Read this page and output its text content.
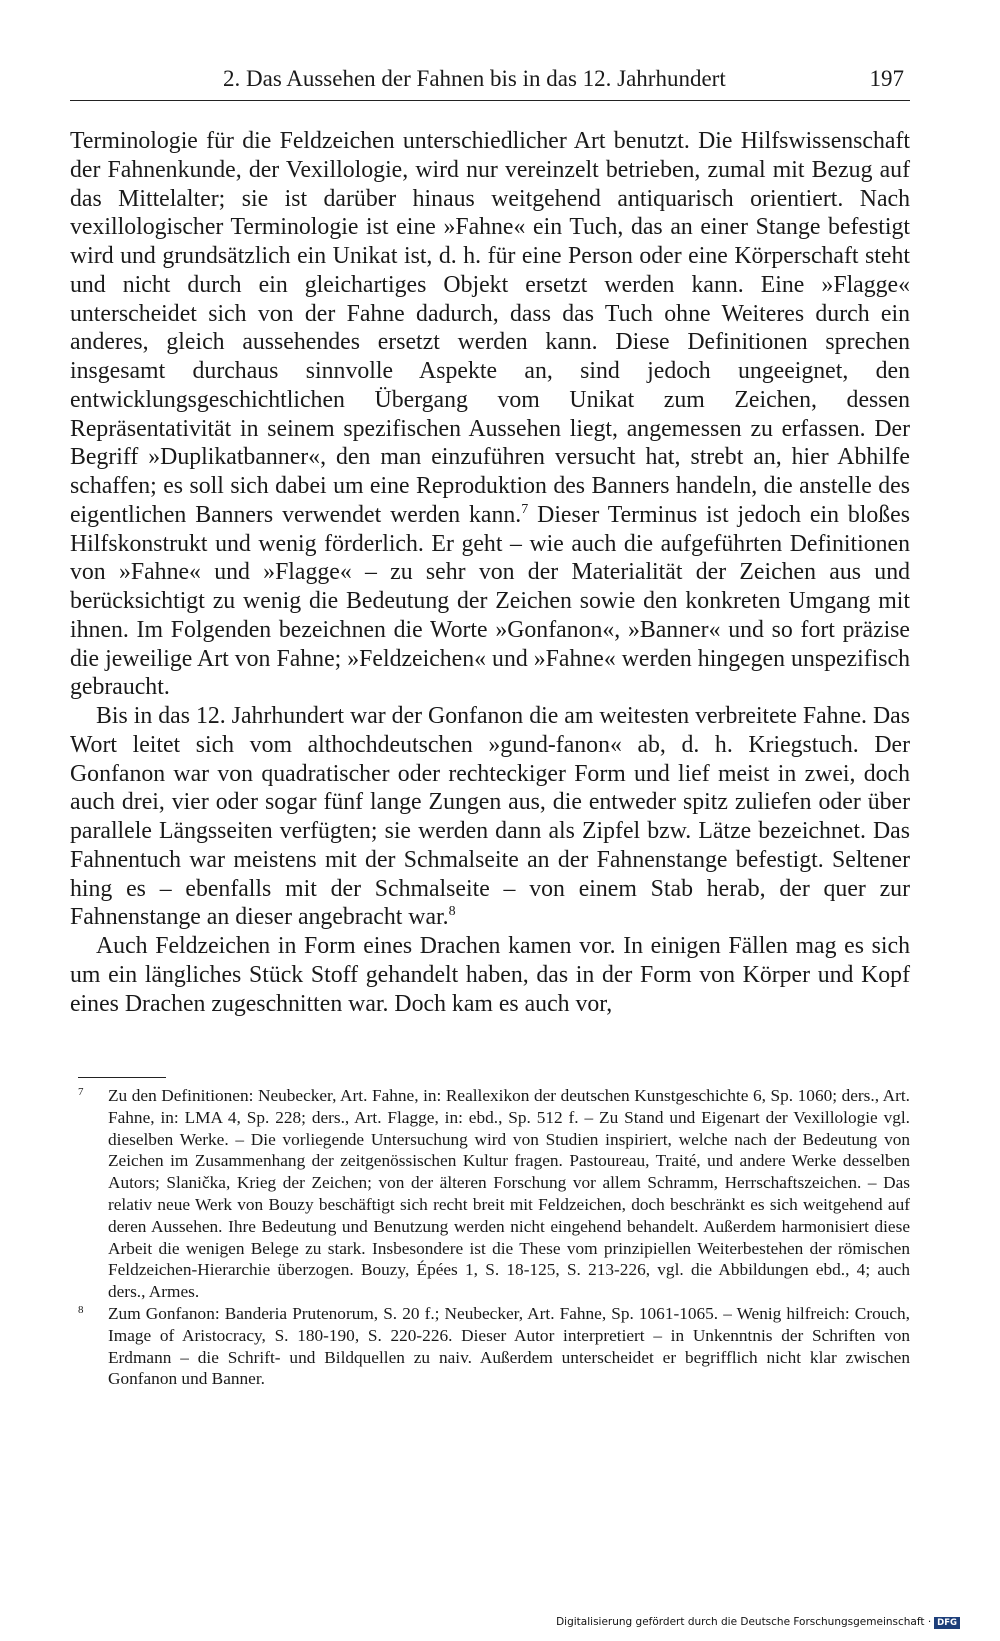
2. Das Aussehen der Fahnen bis in das 12. Jahrhundert	197

Terminologie für die Feldzeichen unterschiedlicher Art benutzt. Die Hilfswissenschaft der Fahnenkunde, der Vexillologie, wird nur vereinzelt betrieben, zumal mit Bezug auf das Mittelalter; sie ist darüber hinaus weitgehend antiquarisch orientiert. Nach vexillologischer Terminologie ist eine »Fahne« ein Tuch, das an einer Stange befestigt wird und grundsätzlich ein Unikat ist, d. h. für eine Person oder eine Körperschaft steht und nicht durch ein gleichartiges Objekt ersetzt werden kann. Eine »Flagge« unterscheidet sich von der Fahne dadurch, dass das Tuch ohne Weiteres durch ein anderes, gleich aussehendes ersetzt werden kann. Diese Definitionen sprechen insgesamt durchaus sinnvolle Aspekte an, sind jedoch ungeeignet, den entwicklungsgeschichtlichen Übergang vom Unikat zum Zeichen, dessen Repräsentativität in seinem spezifischen Aussehen liegt, angemessen zu erfassen. Der Begriff »Duplikatbanner«, den man einzuführen versucht hat, strebt an, hier Abhilfe schaffen; es soll sich dabei um eine Reproduktion des Banners handeln, die anstelle des eigentlichen Banners verwendet werden kann.$^7$ Dieser Terminus ist jedoch ein bloßes Hilfskonstrukt und wenig förderlich. Er geht – wie auch die aufgeführten Definitionen von »Fahne« und »Flagge« – zu sehr von der Materialität der Zeichen aus und berücksichtigt zu wenig die Bedeutung der Zeichen sowie den konkreten Umgang mit ihnen. Im Folgenden bezeichnen die Worte »Gonfanon«, »Banner« und so fort präzise die jeweilige Art von Fahne; »Feldzeichen« und »Fahne« werden hingegen unspezifisch gebraucht.

Bis in das 12. Jahrhundert war der Gonfanon die am weitesten verbreitete Fahne. Das Wort leitet sich vom althochdeutschen »gund-fanon« ab, d. h. Kriegstuch. Der Gonfanon war von quadratischer oder rechteckiger Form und lief meist in zwei, doch auch drei, vier oder sogar fünf lange Zungen aus, die entweder spitz zuliefen oder über parallele Längsseiten verfügten; sie werden dann als Zipfel bzw. Lätze bezeichnet. Das Fahnentuch war meistens mit der Schmalseite an der Fahnenstange befestigt. Seltener hing es – ebenfalls mit der Schmalseite – von einem Stab herab, der quer zur Fahnenstange an dieser angebracht war.$^8$

Auch Feldzeichen in Form eines Drachen kamen vor. In einigen Fällen mag es sich um ein längliches Stück Stoff gehandelt haben, das in der Form von Körper und Kopf eines Drachen zugeschnitten war. Doch kam es auch vor,

7 Zu den Definitionen: Neubecker, Art. Fahne, in: Reallexikon der deutschen Kunstgeschichte 6, Sp. 1060; ders., Art. Fahne, in: LMA 4, Sp. 228; ders., Art. Flagge, in: ebd., Sp. 512 f. – Zu Stand und Eigenart der Vexillologie vgl. dieselben Werke. – Die vorliegende Untersuchung wird von Studien inspiriert, welche nach der Bedeutung von Zeichen im Zusammenhang der zeitgenössischen Kultur fragen. Pastoureau, Traité, und andere Werke desselben Autors; Slanička, Krieg der Zeichen; von der älteren Forschung vor allem Schramm, Herrschaftszeichen. – Das relativ neue Werk von Bouzy beschäftigt sich recht breit mit Feldzeichen, doch beschränkt es sich weitgehend auf deren Aussehen. Ihre Bedeutung und Benutzung werden nicht eingehend behandelt. Außerdem harmonisiert diese Arbeit die wenigen Belege zu stark. Insbesondere ist die These vom prinzipiellen Weiterbestehen der römischen Feldzeichen-Hierarchie überzogen. Bouzy, Épées 1, S. 18-125, S. 213-226, vgl. die Abbildungen ebd., 4; auch ders., Armes.

8 Zum Gonfanon: Banderia Prutenorum, S. 20 f.; Neubecker, Art. Fahne, Sp. 1061-1065. – Wenig hilfreich: Crouch, Image of Aristocracy, S. 180-190, S. 220-226. Dieser Autor interpretiert – in Unkenntnis der Schriften von Erdmann – die Schrift- und Bildquellen zu naiv. Außerdem unterscheidet er begrifflich nicht klar zwischen Gonfanon und Banner.

Digitalisierung gefördert durch die Deutsche Forschungsgemeinschaft · DFG
